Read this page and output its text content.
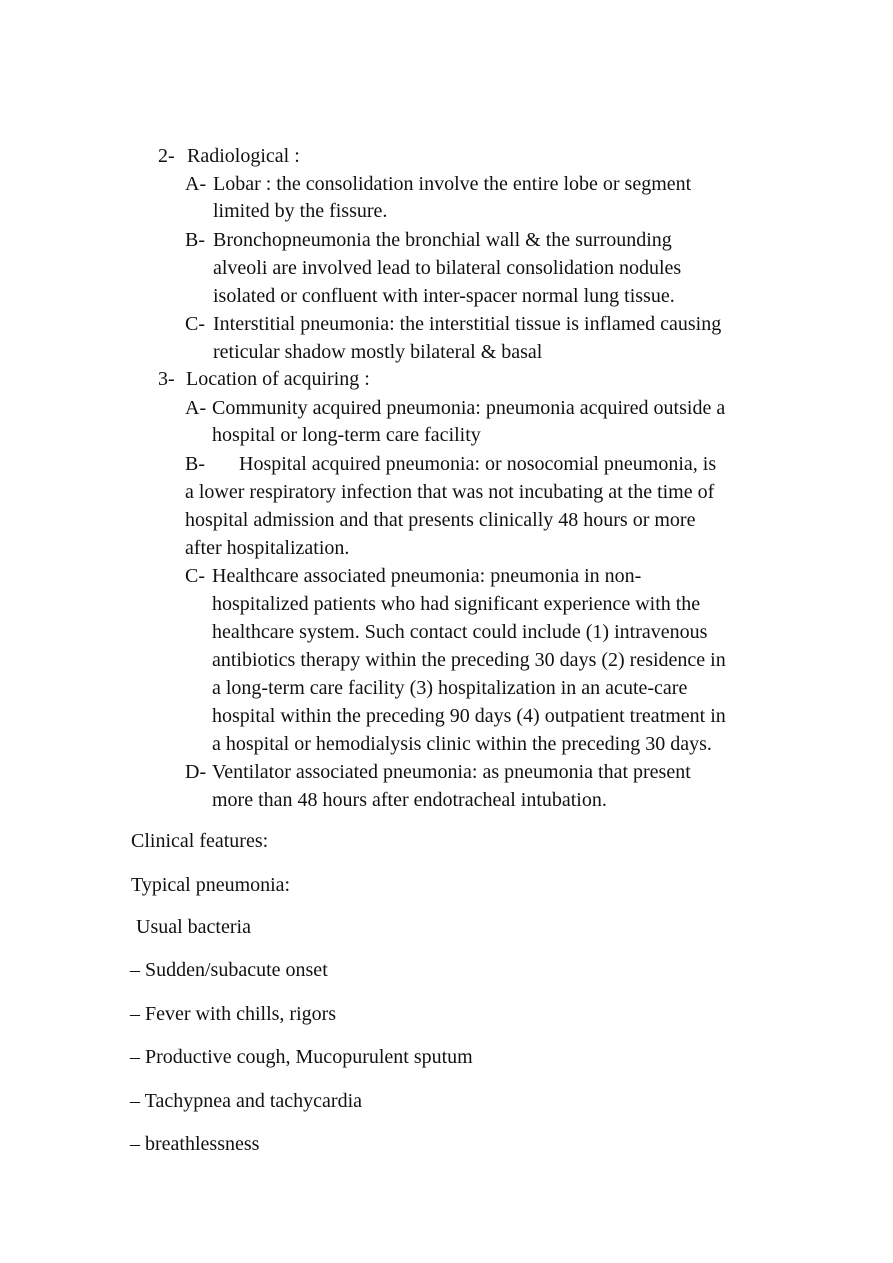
2- Radiological :
A- Lobar : the consolidation involve the entire lobe or segment
limited by the fissure.
B- Bronchopneumonia the bronchial wall & the surrounding
alveoli are involved lead to bilateral consolidation nodules
isolated or confluent with inter-spacer normal lung tissue.
C- Interstitial pneumonia: the interstitial tissue is inflamed causing
reticular shadow mostly bilateral & basal
3- Location of acquiring :
A- Community acquired pneumonia: pneumonia acquired outside a
hospital or long-term care facility
B- Hospital acquired pneumonia: or nosocomial pneumonia, is
a lower respiratory infection that was not incubating at the time of
hospital admission and that presents clinically 48 hours or more
after hospitalization.
C- Healthcare associated pneumonia: pneumonia in non-
hospitalized patients who had significant experience with the
healthcare system. Such contact could include (1) intravenous
antibiotics therapy within the preceding 30 days (2) residence in
a long-term care facility (3) hospitalization in an acute-care
hospital within the preceding 90 days (4) outpatient treatment in
a hospital or hemodialysis clinic within the preceding 30 days.
D- Ventilator associated pneumonia: as pneumonia that present
more than 48 hours after endotracheal intubation.
Clinical features:
Typical pneumonia:
Usual bacteria
– Sudden/subacute onset
– Fever with chills, rigors
– Productive cough, Mucopurulent sputum
– Tachypnea and tachycardia
– breathlessness
